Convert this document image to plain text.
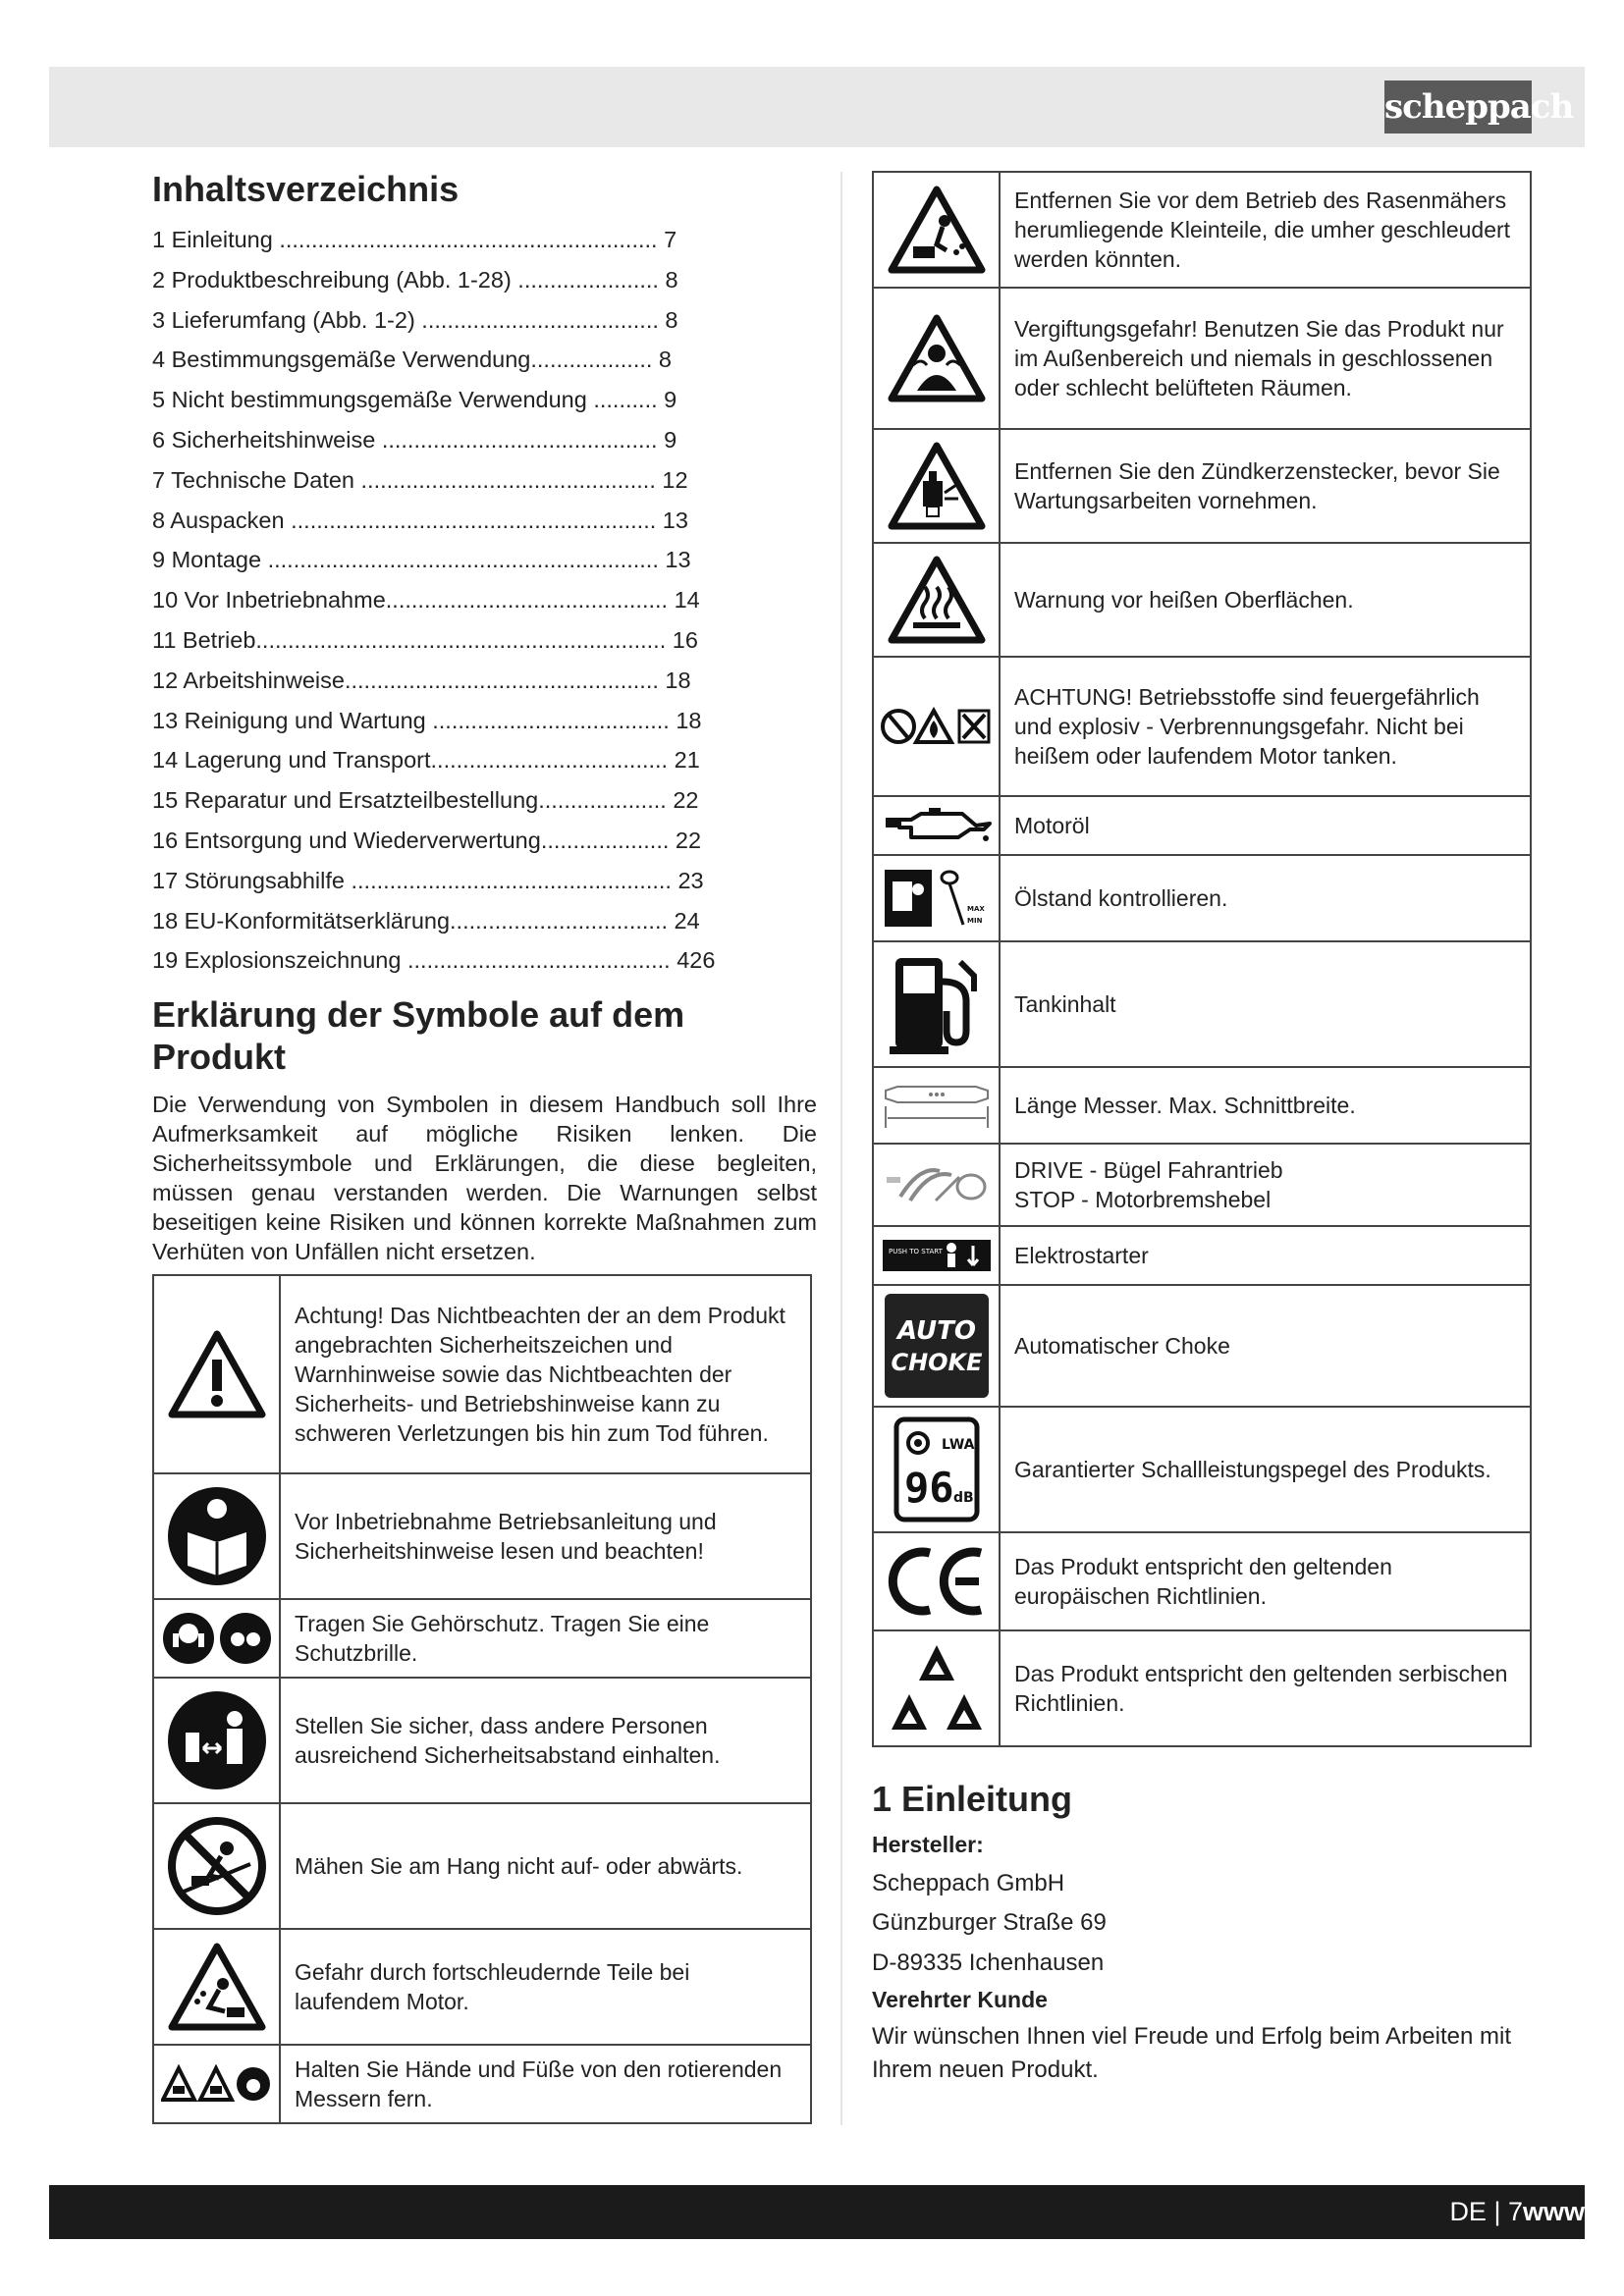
scheppach
Inhaltsverzeichnis
1 Einleitung ........................................................... 7
2 Produktbeschreibung (Abb. 1-28) ...................... 8
3 Lieferumfang (Abb. 1-2) ..................................... 8
4 Bestimmungsgemäße Verwendung................... 8
5 Nicht bestimmungsgemäße Verwendung .......... 9
6 Sicherheitshinweise ........................................... 9
7 Technische Daten .............................................. 12
8 Auspacken ......................................................... 13
9 Montage ............................................................. 13
10 Vor Inbetriebnahme............................................ 14
11 Betrieb................................................................ 16
12 Arbeitshinweise................................................. 18
13 Reinigung und Wartung ..................................... 18
14 Lagerung und Transport..................................... 21
15 Reparatur und Ersatzteilbestellung.................... 22
16 Entsorgung und Wiederverwertung.................... 22
17 Störungsabhilfe .................................................. 23
18 EU-Konformitätserklärung.................................. 24
19 Explosionszeichnung ......................................... 426
Erklärung der Symbole auf dem Produkt

Die Verwendung von Symbolen in diesem Handbuch soll Ihre Aufmerksamkeit auf mögliche Risiken lenken. Die Sicherheitssymbole und Erklärungen, die diese begleiten, müssen genau verstanden werden. Die Warnungen selbst beseitigen keine Risiken und können korrekte Maßnahmen zum Verhüten von Unfällen nicht ersetzen.

	Achtung! Das Nichtbeachten der an dem Produkt angebrachten Sicherheitszeichen und Warnhinweise sowie das Nichtbeachten der Sicherheits- und Betriebshinweise kann zu schweren Verletzungen bis hin zum Tod führen.

	Vor Inbetriebnahme Betriebsanleitung und Sicherheitshinweise lesen und beachten!

	Tragen Sie Gehörschutz. Tragen Sie eine Schutzbrille.

	Stellen Sie sicher, dass andere Personen ausreichend Sicherheitsabstand einhalten.

	Mähen Sie am Hang nicht auf- oder abwärts.

	Gefahr durch fortschleudernde Teile bei laufendem Motor.

	Halten Sie Hände und Füße von den rotierenden Messern fern.
	Entfernen Sie vor dem Betrieb des Rasenmähers herumliegende Kleinteile, die umher geschleudert werden könnten.

	Vergiftungsgefahr! Benutzen Sie das Produkt nur im Außenbereich und niemals in geschlossenen oder schlecht belüfteten Räumen.

	Entfernen Sie den Zündkerzenstecker, bevor Sie Wartungsarbeiten vornehmen.

	Warnung vor heißen Oberflächen.

	ACHTUNG! Betriebsstoffe sind feuergefährlich und explosiv - Verbrennungsgefahr. Nicht bei heißem oder laufendem Motor tanken.

	Motoröl

MAX
MIN	Ölstand kontrollieren.

	Tankinhalt

	Länge Messer. Max. Schnittbreite.

DRIVE - Bügel Fahrantrieb
STOP - Motorbremshebel

PUSH TO START	Elektrostarter

AUTO
CHOKE	Automatischer Choke

LWA
96 dB	Garantierter Schallleistungspegel des Produkts.

	Das Produkt entspricht den geltenden europäischen Richtlinien.

	Das Produkt entspricht den geltenden serbischen Richtlinien.
1 Einleitung

Hersteller:

Scheppach GmbH

Günzburger Straße 69

D-89335 Ichenhausen

Verehrter Kunde

Wir wünschen Ihnen viel Freude und Erfolg beim Arbeiten mit Ihrem neuen Produkt.

DE | 7www
